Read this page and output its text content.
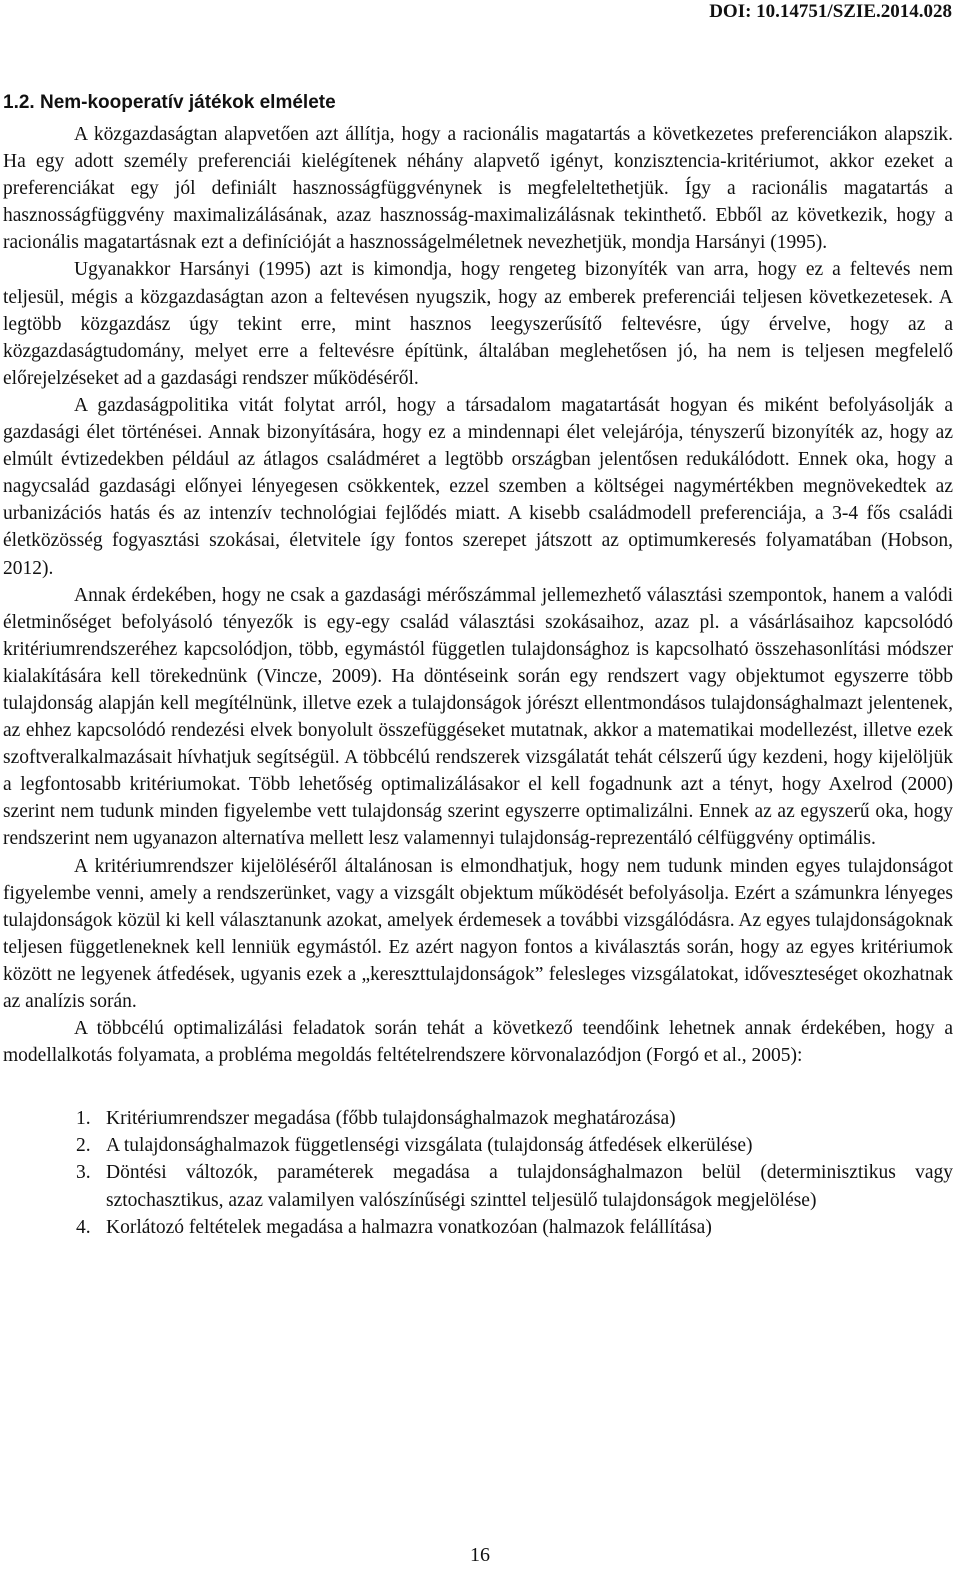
DOI: 10.14751/SZIE.2014.028
1.2. Nem-kooperatív játékok elmélete

A közgazdaságtan alapvetően azt állítja, hogy a racionális magatartás a következetes preferenciákon alapszik. Ha egy adott személy preferenciái kielégítenek néhány alapvető igényt, konzisztencia-kritériumot, akkor ezeket a preferenciákat egy jól definiált hasznosságfüggvénynek is megfeleltethetjük. Így a racionális magatartás a hasznosságfüggvény maximalizálásának, azaz hasznosság-maximalizálásnak tekinthető. Ebből az következik, hogy a racionális magatartásnak ezt a definícióját a hasznosságelméletnek nevezhetjük, mondja Harsányi (1995).

Ugyanakkor Harsányi (1995) azt is kimondja, hogy rengeteg bizonyíték van arra, hogy ez a feltevés nem teljesül, mégis a közgazdaságtan azon a feltevésen nyugszik, hogy az emberek preferenciái teljesen következetesek. A legtöbb közgazdász úgy tekint erre, mint hasznos leegyszerűsítő feltevésre, úgy érvelve, hogy az a közgazdaságtudomány, melyet erre a feltevésre építünk, általában meglehetősen jó, ha nem is teljesen megfelelő előrejelzéseket ad a gazdasági rendszer működéséről.

A gazdaságpolitika vitát folytat arról, hogy a társadalom magatartását hogyan és miként befolyásolják a gazdasági élet történései. Annak bizonyítására, hogy ez a mindennapi élet velejárója, tényszerű bizonyíték az, hogy az elmúlt évtizedekben például az átlagos családméret a legtöbb országban jelentősen redukálódott. Ennek oka, hogy a nagycsalád gazdasági előnyei lényegesen csökkentek, ezzel szemben a költségei nagymértékben megnövekedtek az urbanizációs hatás és az intenzív technológiai fejlődés miatt. A kisebb családmodell preferenciája, a 3-4 fős családi életközösség fogyasztási szokásai, életvitele így fontos szerepet játszott az optimumkeresés folyamatában (Hobson, 2012).

Annak érdekében, hogy ne csak a gazdasági mérőszámmal jellemezhető választási szempontok, hanem a valódi életminőséget befolyásoló tényezők is egy-egy család választási szokásaihoz, azaz pl. a vásárlásaihoz kapcsolódó kritériumrendszeréhez kapcsolódjon, több, egymástól független tulajdonsághoz is kapcsolható összehasonlítási módszer kialakítására kell törekednünk (Vincze, 2009). Ha döntéseink során egy rendszert vagy objektumot egyszerre több tulajdonság alapján kell megítélnünk, illetve ezek a tulajdonságok jórészt ellentmondásos tulajdonsághalmazt jelentenek, az ehhez kapcsolódó rendezési elvek bonyolult összefüggéseket mutatnak, akkor a matematikai modellezést, illetve ezek szoftveralkalmazásait hívhatjuk segítségül. A többcélú rendszerek vizsgálatát tehát célszerű úgy kezdeni, hogy kijelöljük a legfontosabb kritériumokat. Több lehetőség optimalizálásakor el kell fogadnunk azt a tényt, hogy Axelrod (2000) szerint nem tudunk minden figyelembe vett tulajdonság szerint egyszerre optimalizálni. Ennek az az egyszerű oka, hogy rendszerint nem ugyanazon alternatíva mellett lesz valamennyi tulajdonság-reprezentáló célfüggvény optimális.

A kritériumrendszer kijelöléséről általánosan is elmondhatjuk, hogy nem tudunk minden egyes tulajdonságot figyelembe venni, amely a rendszerünket, vagy a vizsgált objektum működését befolyásolja. Ezért a számunkra lényeges tulajdonságok közül ki kell választanunk azokat, amelyek érdemesek a további vizsgálódásra. Az egyes tulajdonságoknak teljesen függetleneknek kell lenniük egymástól. Ez azért nagyon fontos a kiválasztás során, hogy az egyes kritériumok között ne legyenek átfedések, ugyanis ezek a „kereszttulajdonságok” felesleges vizsgálatokat, időveszteséget okozhatnak az analízis során.

A többcélú optimalizálási feladatok során tehát a következő teendőink lehetnek annak érdekében, hogy a modellalkotás folyamata, a probléma megoldás feltételrendszere körvonalazódjon (Forgó et al., 2005):

1. Kritériumrendszer megadása (főbb tulajdonsághalmazok meghatározása)
2. A tulajdonsághalmazok függetlenségi vizsgálata (tulajdonság átfedések elkerülése)
3. Döntési változók, paraméterek megadása a tulajdonsághalmazon belül (determinisztikus vagy sztochasztikus, azaz valamilyen valószínűségi szinttel teljesülő tulajdonságok megjelölése)
4. Korlátozó feltételek megadása a halmazra vonatkozóan (halmazok felállítása)
16
